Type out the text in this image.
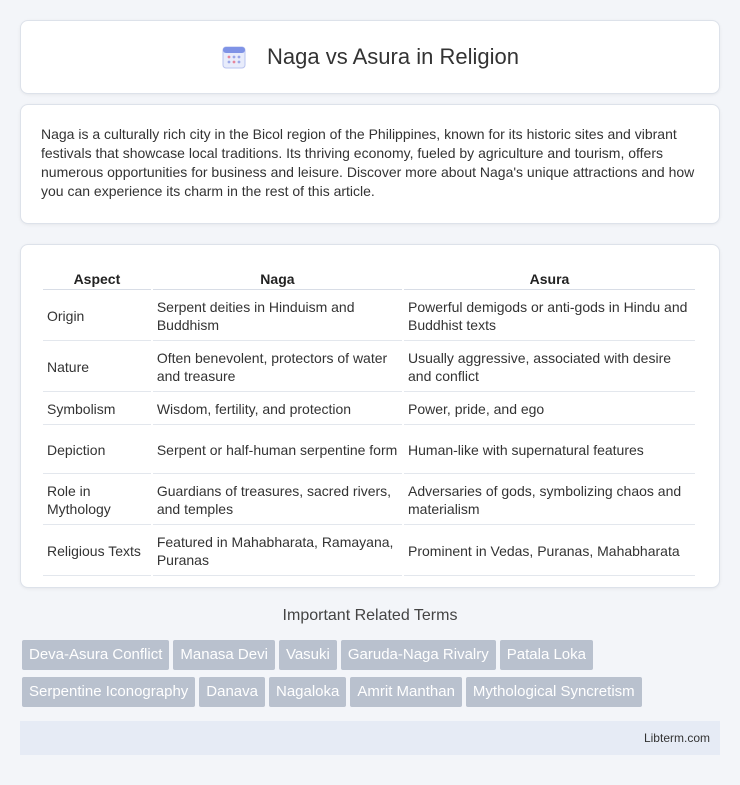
Naga vs Asura in Religion

Naga is a culturally rich city in the Bicol region of the Philippines, known for its historic sites and vibrant festivals that showcase local traditions. Its thriving economy, fueled by agriculture and tourism, offers numerous opportunities for business and leisure. Discover more about Naga's unique attractions and how you can experience its charm in the rest of this article.

Aspect	Naga	Asura
Origin	Serpent deities in Hinduism and Buddhism	Powerful demigods or anti-gods in Hindu and Buddhist texts
Nature	Often benevolent, protectors of water and treasure	Usually aggressive, associated with desire and conflict
Symbolism	Wisdom, fertility, and protection	Power, pride, and ego
Depiction	Serpent or half-human serpentine form	Human-like with supernatural features
Role in Mythology	Guardians of treasures, sacred rivers, and temples	Adversaries of gods, symbolizing chaos and materialism
Religious Texts	Featured in Mahabharata, Ramayana, Puranas	Prominent in Vedas, Puranas, Mahabharata
Important Related Terms
Deva-Asura Conflict Manasa Devi Vasuki Garuda-Naga Rivalry Patala Loka
Serpentine Iconography Danava Nagaloka Amrit Manthan Mythological Syncretism
Libterm.com
